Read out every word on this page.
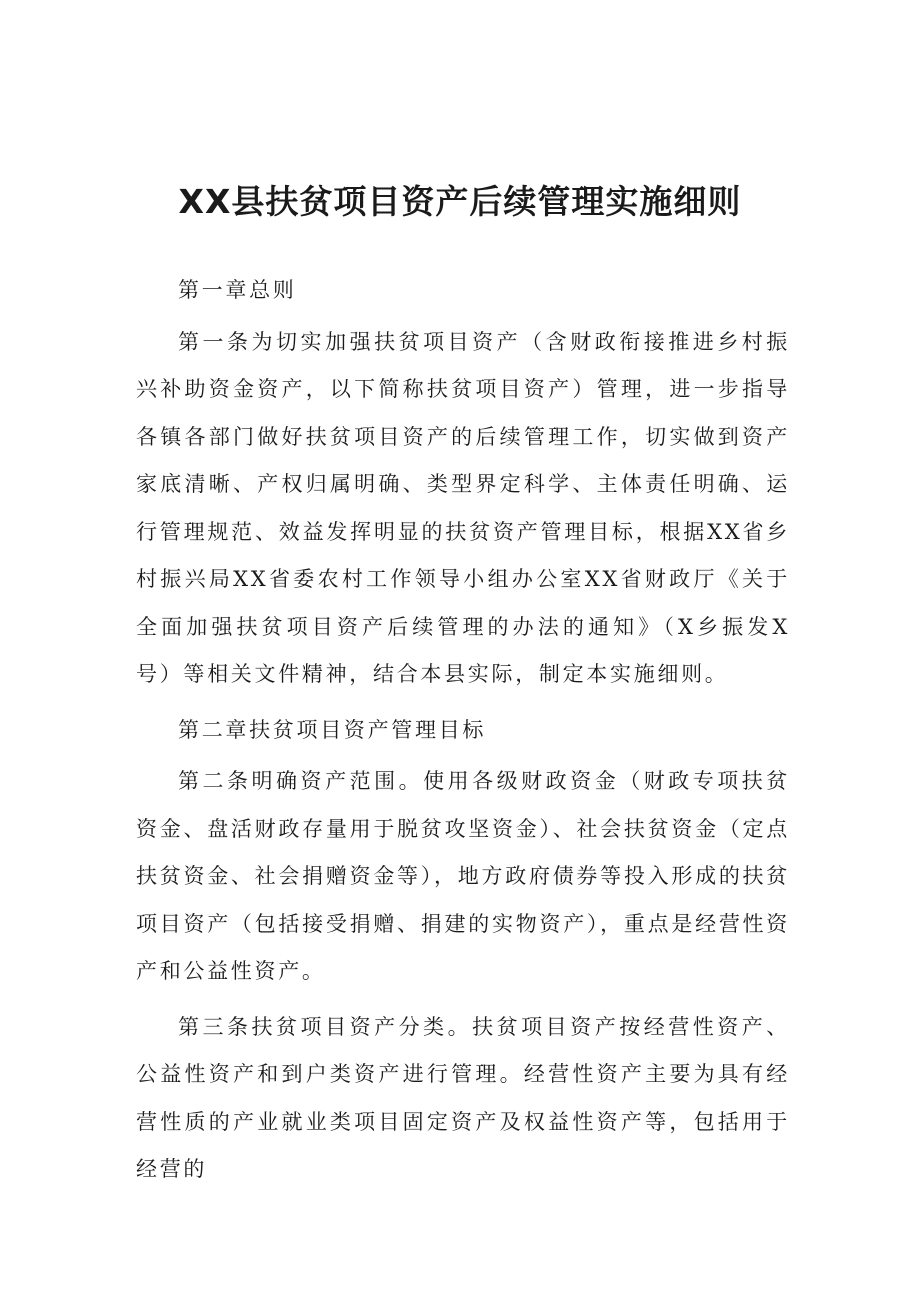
XX县扶贫项目资产后续管理实施细则

第一章总则

第一条为切实加强扶贫项目资产（含财政衔接推进乡村振兴补助资金资产，以下简称扶贫项目资产）管理，进一步指导各镇各部门做好扶贫项目资产的后续管理工作，切实做到资产家底清晰、产权归属明确、类型界定科学、主体责任明确、运行管理规范、效益发挥明显的扶贫资产管理目标，根据XX省乡村振兴局XX省委农村工作领导小组办公室XX省财政厅《关于全面加强扶贫项目资产后续管理的办法的通知》（X乡振发X号）等相关文件精神，结合本县实际，制定本实施细则。

第二章扶贫项目资产管理目标

第二条明确资产范围。使用各级财政资金（财政专项扶贫资金、盘活财政存量用于脱贫攻坚资金）、社会扶贫资金（定点扶贫资金、社会捐赠资金等），地方政府债券等投入形成的扶贫项目资产（包括接受捐赠、捐建的实物资产），重点是经营性资产和公益性资产。

第三条扶贫项目资产分类。扶贫项目资产按经营性资产、公益性资产和到户类资产进行管理。经营性资产主要为具有经营性质的产业就业类项目固定资产及权益性资产等，包括用于经营的
